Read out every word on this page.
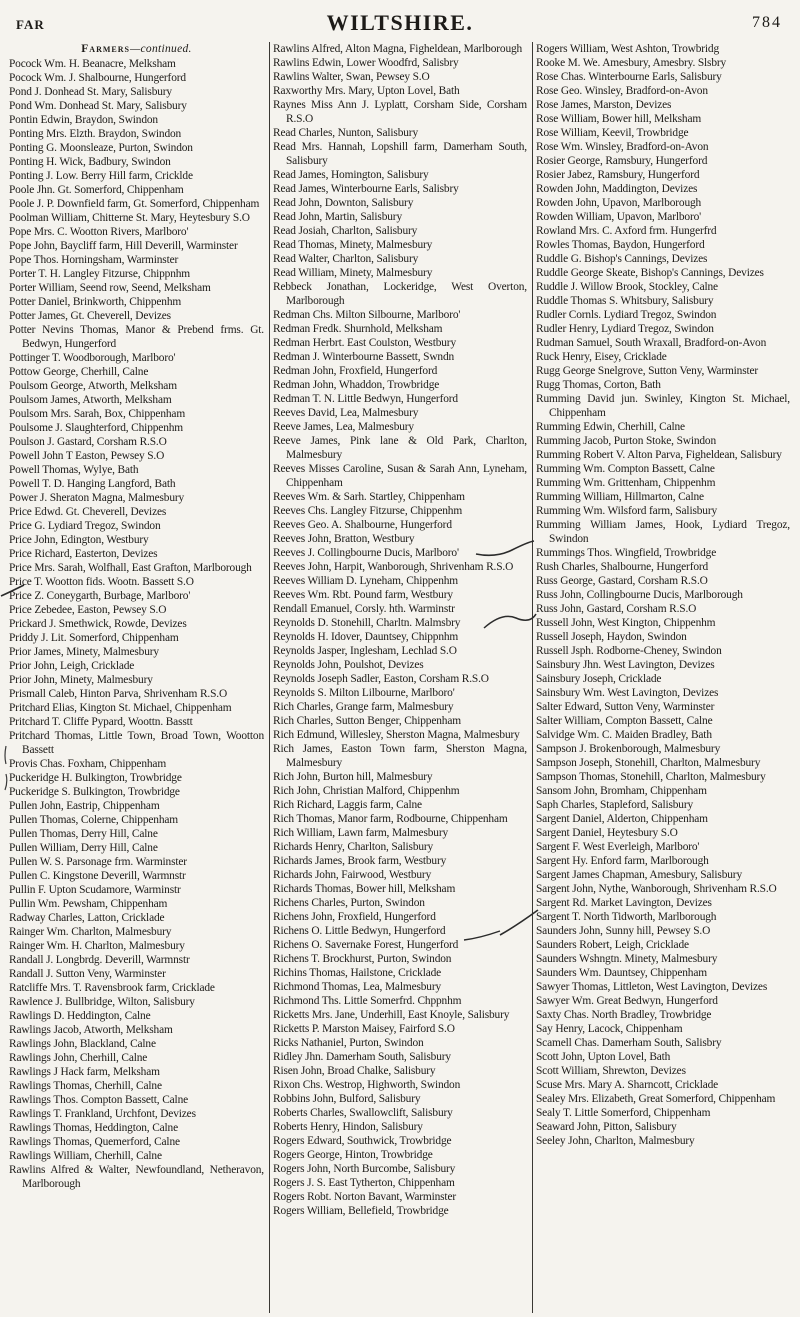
FAR	WILTSHIRE.	784

Farmers—continued.

Pocock Wm. H. Beanacre, Melksham

Pocock Wm. J. Shalbourne, Hungerford

Pond J. Donhead St. Mary, Salisbury

Pond Wm. Donhead St. Mary, Salisbury

Pontin Edwin, Braydon, Swindon

Ponting Mrs. Elzth. Braydon, Swindon

Ponting G. Moonsleaze, Purton, Swindon

Ponting H. Wick, Badbury, Swindon

Ponting J. Low. Berry Hill farm, Cricklde

Poole Jhn. Gt. Somerford, Chippenham

Poole J. P. Downfield farm, Gt. Somerford, Chippenham

Poolman William, Chitterne St. Mary, Heytesbury S.O

Pope Mrs. C. Wootton Rivers, Marlboro'

Pope John, Baycliff farm, Hill Deverill, Warminster

Pope Thos. Horningsham, Warminster

Porter T. H. Langley Fitzurse, Chippnhm

Porter William, Seend row, Seend, Melksham

Potter Daniel, Brinkworth, Chippenhm

Potter James, Gt. Cheverell, Devizes

Potter Nevins Thomas, Manor & Prebend frms. Gt. Bedwyn, Hungerford

Pottinger T. Woodborough, Marlboro'

Pottow George, Cherhill, Calne

Poulsom George, Atworth, Melksham

Poulsom James, Atworth, Melksham

Poulsom Mrs. Sarah, Box, Chippenham

Poulsome J. Slaughterford, Chippenhm

Poulson J. Gastard, Corsham R.S.O

Powell John T Easton, Pewsey S.O

Powell Thomas, Wylye, Bath

Powell T. D. Hanging Langford, Bath

Power J. Sheraton Magna, Malmesbury

Price Edwd. Gt. Cheverell, Devizes

Price G. Lydiard Tregoz, Swindon

Price John, Edington, Westbury

Price Richard, Easterton, Devizes

Price Mrs. Sarah, Wolfhall, East Grafton, Marlborough

Price T. Wootton fids. Wootn. Bassett S.O

Price Z. Coneygarth, Burbage, Marlboro'

Price Zebedee, Easton, Pewsey S.O

Prickard J. Smethwick, Rowde, Devizes

Priddy J. Lit. Somerford, Chippenham

Prior James, Minety, Malmesbury

Prior John, Leigh, Cricklade

Prior John, Minety, Malmesbury

Prismall Caleb, Hinton Parva, Shrivenham R.S.O

Pritchard Elias, Kington St. Michael, Chippenham

Pritchard T. Cliffe Pypard, Woottn. Basstt

Pritchard Thomas, Little Town, Broad Town, Wootton Bassett

Provis Chas. Foxham, Chippenham

Puckeridge H. Bulkington, Trowbridge

Puckeridge S. Bulkington, Trowbridge

Pullen John, Eastrip, Chippenham

Pullen Thomas, Colerne, Chippenham

Pullen Thomas, Derry Hill, Calne

Pullen William, Derry Hill, Calne

Pullen W. S. Parsonage frm. Warminster

Pullen C. Kingstone Deverill, Warmnstr

Pullin F. Upton Scudamore, Warminstr

Pullin Wm. Pewsham, Chippenham

Radway Charles, Latton, Cricklade

Rainger Wm. Charlton, Malmesbury

Rainger Wm. H. Charlton, Malmesbury

Randall J. Longbrdg. Deverill, Warmnstr

Randall J. Sutton Veny, Warminster

Ratcliffe Mrs. T. Ravensbrook farm, Cricklade

Rawlence J. Bullbridge, Wilton, Salisbury

Rawlings D. Heddington, Calne

Rawlings Jacob, Atworth, Melksham

Rawlings John, Blackland, Calne

Rawlings John, Cherhill, Calne

Rawlings J Hack farm, Melksham

Rawlings Thomas, Cherhill, Calne

Rawlings Thos. Compton Bassett, Calne

Rawlings T. Frankland, Urchfont, Devizes

Rawlings Thomas, Heddington, Calne

Rawlings Thomas, Quemerford, Calne

Rawlings William, Cherhill, Calne

Rawlins Alfred & Walter, Newfoundland, Netheravon, Marlborough

Rawlins Alfred, Alton Magna, Figheldean, Marlborough

Rawlins Edwin, Lower Woodfrd, Salisbry

Rawlins Walter, Swan, Pewsey S.O

Raxworthy Mrs. Mary, Upton Lovel, Bath

Raynes Miss Ann J. Lyplatt, Corsham Side, Corsham R.S.O

Read Charles, Nunton, Salisbury

Read Mrs. Hannah, Lopshill farm, Damerham South, Salisbury

Read James, Homington, Salisbury

Read James, Winterbourne Earls, Salisbry

Read John, Downton, Salisbury

Read John, Martin, Salisbury

Read Josiah, Charlton, Salisbury

Read Thomas, Minety, Malmesbury

Read Walter, Charlton, Salisbury

Read William, Minety, Malmesbury

Rebbeck Jonathan, Lockeridge, West Overton, Marlborough

Redman Chs. Milton Silbourne, Marlboro'

Redman Fredk. Shurnhold, Melksham

Redman Herbrt. East Coulston, Westbury

Redman J. Winterbourne Bassett, Swndn

Redman John, Froxfield, Hungerford

Redman John, Whaddon, Trowbridge

Redman T. N. Little Bedwyn, Hungerford

Reeves David, Lea, Malmesbury

Reeve James, Lea, Malmesbury

Reeve James, Pink lane & Old Park, Charlton, Malmesbury

Reeves Misses Caroline, Susan & Sarah Ann, Lyneham, Chippenham

Reeves Wm. & Sarh. Startley, Chippenham

Reeves Chs. Langley Fitzurse, Chippenhm

Reeves Geo. A. Shalbourne, Hungerford

Reeves John, Bratton, Westbury

Reeves J. Collingbourne Ducis, Marlboro'

Reeves John, Harpit, Wanborough, Shrivenham R.S.O

Reeves William D. Lyneham, Chippenhm

Reeves Wm. Rbt. Pound farm, Westbury

Rendall Emanuel, Corsly. hth. Warminstr

Reynolds D. Stonehill, Charltn. Malmsbry

Reynolds H. Idover, Dauntsey, Chippnhm

Reynolds Jasper, Inglesham, Lechlad S.O

Reynolds John, Poulshot, Devizes

Reynolds Joseph Sadler, Easton, Corsham R.S.O

Reynolds S. Milton Lilbourne, Marlboro'

Rich Charles, Grange farm, Malmesbury

Rich Charles, Sutton Benger, Chippenham

Rich Edmund, Willesley, Sherston Magna, Malmesbury

Rich James, Easton Town farm, Sherston Magna, Malmesbury

Rich John, Burton hill, Malmesbury

Rich John, Christian Malford, Chippenhm

Rich Richard, Laggis farm, Calne

Rich Thomas, Manor farm, Rodbourne, Chippenham

Rich William, Lawn farm, Malmesbury

Richards Henry, Charlton, Salisbury

Richards James, Brook farm, Westbury

Richards John, Fairwood, Westbury

Richards Thomas, Bower hill, Melksham

Richens Charles, Purton, Swindon

Richens John, Froxfield, Hungerford

Richens O. Little Bedwyn, Hungerford

Richens O. Savernake Forest, Hungerford

Richens T. Brockhurst, Purton, Swindon

Richins Thomas, Hailstone, Cricklade

Richmond Thomas, Lea, Malmesbury

Richmond Ths. Little Somerfrd. Chppnhm

Ricketts Mrs. Jane, Underhill, East Knoyle, Salisbury

Ricketts P. Marston Maisey, Fairford S.O

Ricks Nathaniel, Purton, Swindon

Ridley Jhn. Damerham South, Salisbury

Risen John, Broad Chalke, Salisbury

Rixon Chs. Westrop, Highworth, Swindon

Robbins John, Bulford, Salisbury

Roberts Charles, Swallowclift, Salisbury

Roberts Henry, Hindon, Salisbury

Rogers Edward, Southwick, Trowbridge

Rogers George, Hinton, Trowbridge

Rogers John, North Burcombe, Salisbury

Rogers J. S. East Tytherton, Chippenham

Rogers Robt. Norton Bavant, Warminster

Rogers William, Bellefield, Trowbridge

Rogers William, West Ashton, Trowbridg

Rooke M. We. Amesbury, Amesbry. Slsbry

Rose Chas. Winterbourne Earls, Salisbury

Rose Geo. Winsley, Bradford-on-Avon

Rose James, Marston, Devizes

Rose William, Bower hill, Melksham

Rose William, Keevil, Trowbridge

Rose Wm. Winsley, Bradford-on-Avon

Rosier George, Ramsbury, Hungerford

Rosier Jabez, Ramsbury, Hungerford

Rowden John, Maddington, Devizes

Rowden John, Upavon, Marlborough

Rowden William, Upavon, Marlboro'

Rowland Mrs. C. Axford frm. Hungerfrd

Rowles Thomas, Baydon, Hungerford

Ruddle G. Bishop's Cannings, Devizes

Ruddle George Skeate, Bishop's Cannings, Devizes

Ruddle J. Willow Brook, Stockley, Calne

Ruddle Thomas S. Whitsbury, Salisbury

Rudler Cornls. Lydiard Tregoz, Swindon

Rudler Henry, Lydiard Tregoz, Swindon

Rudman Samuel, South Wraxall, Bradford-on-Avon

Ruck Henry, Eisey, Cricklade

Rugg George Snelgrove, Sutton Veny, Warminster

Rugg Thomas, Corton, Bath

Rumming David jun. Swinley, Kington St. Michael, Chippenham

Rumming Edwin, Cherhill, Calne

Rumming Jacob, Purton Stoke, Swindon

Rumming Robert V. Alton Parva, Figheldean, Salisbury

Rumming Wm. Compton Bassett, Calne

Rumming Wm. Grittenham, Chippenhm

Rumming William, Hillmarton, Calne

Rumming Wm. Wilsford farm, Salisbury

Rumming William James, Hook, Lydiard Tregoz, Swindon

Rummings Thos. Wingfield, Trowbridge

Rush Charles, Shalbourne, Hungerford

Russ George, Gastard, Corsham R.S.O

Russ John, Collingbourne Ducis, Marlborough

Russ John, Gastard, Corsham R.S.O

Russell John, West Kington, Chippenhm

Russell Joseph, Haydon, Swindon

Russell Jsph. Rodborne-Cheney, Swindon

Sainsbury Jhn. West Lavington, Devizes

Sainsbury Joseph, Cricklade

Sainsbury Wm. West Lavington, Devizes

Salter Edward, Sutton Veny, Warminster

Salter William, Compton Bassett, Calne

Salvidge Wm. C. Maiden Bradley, Bath

Sampson J. Brokenborough, Malmesbury

Sampson Joseph, Stonehill, Charlton, Malmesbury

Sampson Thomas, Stonehill, Charlton, Malmesbury

Sansom John, Bromham, Chippenham

Saph Charles, Stapleford, Salisbury

Sargent Daniel, Alderton, Chippenham

Sargent Daniel, Heytesbury S.O

Sargent F. West Everleigh, Marlboro'

Sargent Hy. Enford farm, Marlborough

Sargent James Chapman, Amesbury, Salisbury

Sargent John, Nythe, Wanborough, Shrivenham R.S.O

Sargent Rd. Market Lavington, Devizes

Sargent T. North Tidworth, Marlborough

Saunders John, Sunny hill, Pewsey S.O

Saunders Robert, Leigh, Cricklade

Saunders Wshngtn. Minety, Malmesbury

Saunders Wm. Dauntsey, Chippenham

Sawyer Thomas, Littleton, West Lavington, Devizes

Sawyer Wm. Great Bedwyn, Hungerford

Saxty Chas. North Bradley, Trowbridge

Say Henry, Lacock, Chippenham

Scamell Chas. Damerham South, Salisbry

Scott John, Upton Lovel, Bath

Scott William, Shrewton, Devizes

Scuse Mrs. Mary A. Sharncott, Cricklade

Sealey Mrs. Elizabeth, Great Somerford, Chippenham

Sealy T. Little Somerford, Chippenham

Seaward John, Pitton, Salisbury

Seeley John, Charlton, Malmesbury
